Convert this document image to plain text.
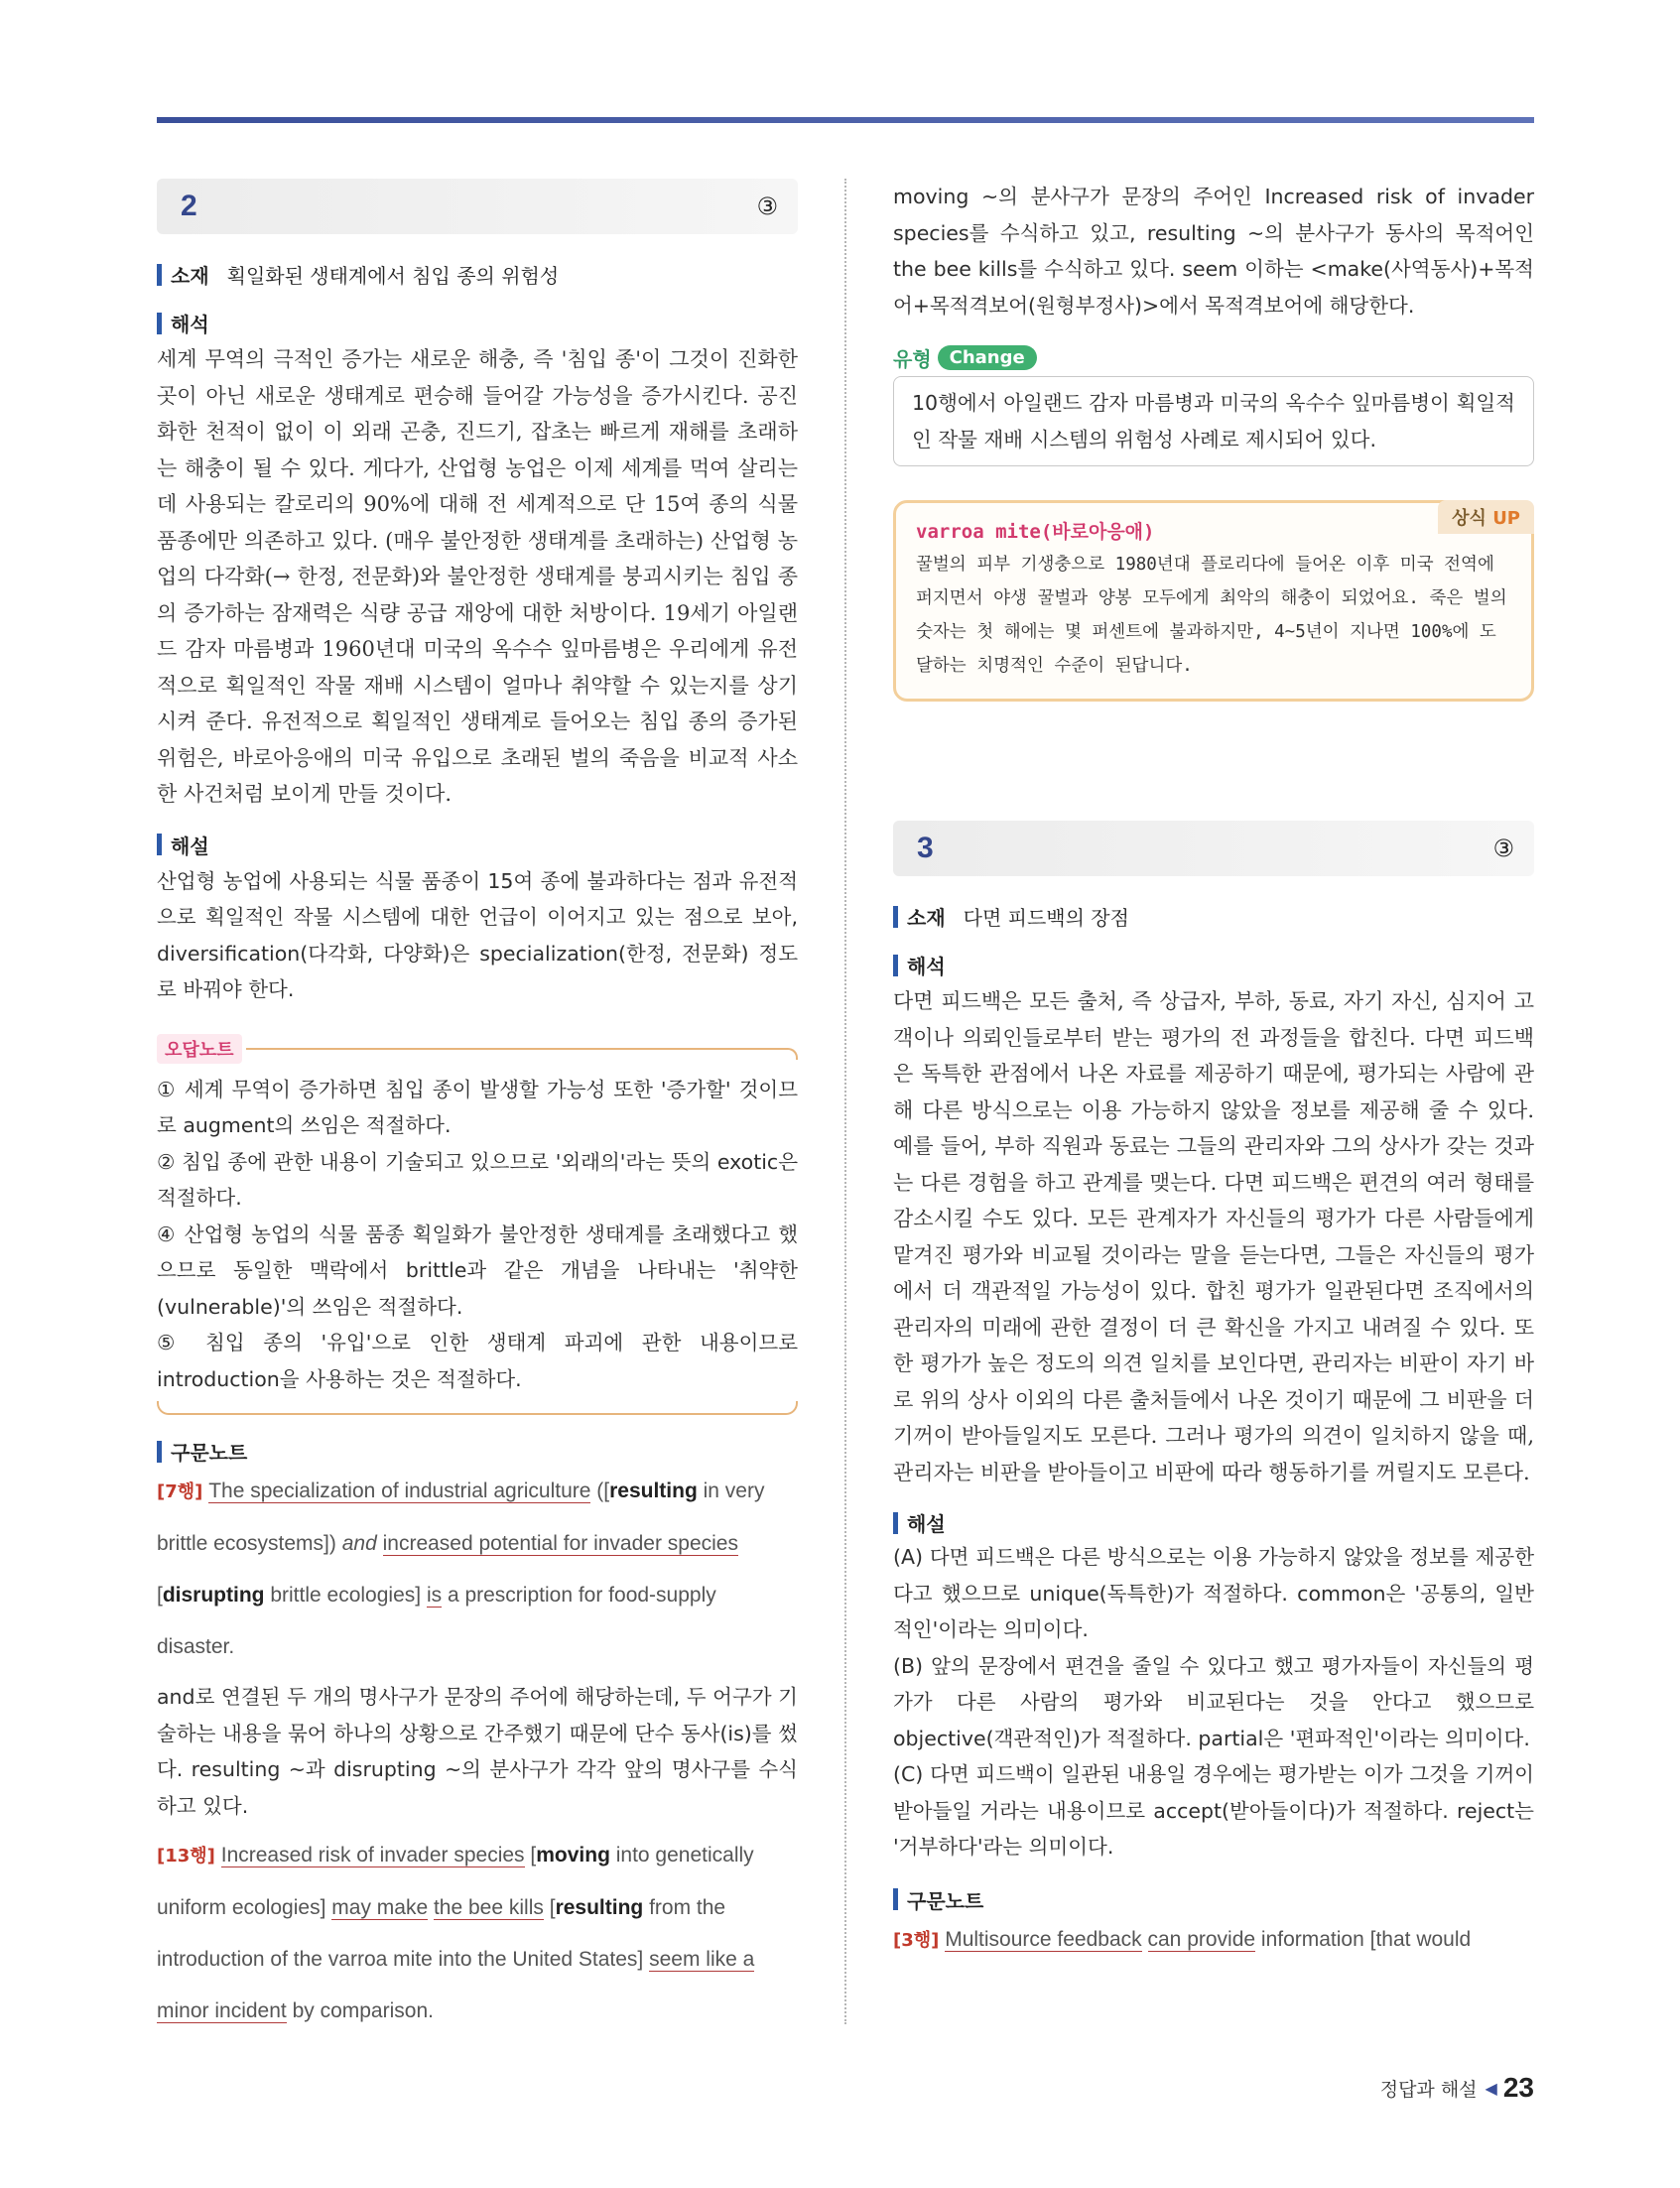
2	③
소재 획일화된 생태계에서 침입 종의 위험성
해석

세계 무역의 극적인 증가는 새로운 해충, 즉 '침입 종'이 그것이 진화한 곳이 아닌 새로운 생태계로 편승해 들어갈 가능성을 증가시킨다. 공진화한 천적이 없이 이 외래 곤충, 진드기, 잡초는 빠르게 재해를 초래하는 해충이 될 수 있다. 게다가, 산업형 농업은 이제 세계를 먹여 살리는 데 사용되는 칼로리의 90%에 대해 전 세계적으로 단 15여 종의 식물 품종에만 의존하고 있다. (매우 불안정한 생태계를 초래하는) 산업형 농업의 다각화(→ 한정, 전문화)와 불안정한 생태계를 붕괴시키는 침입 종의 증가하는 잠재력은 식량 공급 재앙에 대한 처방이다. 19세기 아일랜드 감자 마름병과 1960년대 미국의 옥수수 잎마름병은 우리에게 유전적으로 획일적인 작물 재배 시스템이 얼마나 취약할 수 있는지를 상기시켜 준다. 유전적으로 획일적인 생태계로 들어오는 침입 종의 증가된 위험은, 바로아응애의 미국 유입으로 초래된 벌의 죽음을 비교적 사소한 사건처럼 보이게 만들 것이다.

해설

산업형 농업에 사용되는 식물 품종이 15여 종에 불과하다는 점과 유전적으로 획일적인 작물 시스템에 대한 언급이 이어지고 있는 점으로 보아, diversification(다각화, 다양화)은 specialization(한정, 전문화) 정도로 바꿔야 한다.

오답노트

① 세계 무역이 증가하면 침입 종이 발생할 가능성 또한 '증가할' 것이므로 augment의 쓰임은 적절하다.

② 침입 종에 관한 내용이 기술되고 있으므로 '외래의'라는 뜻의 exotic은 적절하다.

④ 산업형 농업의 식물 품종 획일화가 불안정한 생태계를 초래했다고 했으므로 동일한 맥락에서 brittle과 같은 개념을 나타내는 '취약한(vulnerable)'의 쓰임은 적절하다.

⑤ 침입 종의 '유입'으로 인한 생태계 파괴에 관한 내용이므로 introduction을 사용하는 것은 적절하다.

구문노트
[7행] The specialization of industrial agriculture ([resulting in very brittle ecosystems]) and increased potential for invader species [disrupting brittle ecologies] is a prescription for food-supply disaster.

and로 연결된 두 개의 명사구가 문장의 주어에 해당하는데, 두 어구가 기술하는 내용을 묶어 하나의 상황으로 간주했기 때문에 단수 동사(is)를 썼다. resulting ~과 disrupting ~의 분사구가 각각 앞의 명사구를 수식하고 있다.

[13행] Increased risk of invader species [moving into genetically uniform ecologies] may make the bee kills [resulting from the introduction of the varroa mite into the United States] seem like a minor incident by comparison.

moving ~의 분사구가 문장의 주어인 Increased risk of invader species를 수식하고 있고, resulting ~의 분사구가 동사의 목적어인 the bee kills를 수식하고 있다. seem 이하는 <make(사역동사)+목적어+목적격보어(원형부정사)>에서 목적격보어에 해당한다.

유형	Change

10행에서 아일랜드 감자 마름병과 미국의 옥수수 잎마름병이 획일적인 작물 재배 시스템의 위험성 사례로 제시되어 있다.

상식 UP
varroa mite(바로아응애)
꿀벌의 피부 기생충으로 1980년대 플로리다에 들어온 이후 미국 전역에 퍼지면서 야생 꿀벌과 양봉 모두에게 최악의 해충이 되었어요. 죽은 벌의 숫자는 첫 해에는 몇 퍼센트에 불과하지만, 4~5년이 지나면 100%에 도달하는 치명적인 수준이 된답니다.
3	③
소재 다면 피드백의 장점
해석

다면 피드백은 모든 출처, 즉 상급자, 부하, 동료, 자기 자신, 심지어 고객이나 의뢰인들로부터 받는 평가의 전 과정들을 합친다. 다면 피드백은 독특한 관점에서 나온 자료를 제공하기 때문에, 평가되는 사람에 관해 다른 방식으로는 이용 가능하지 않았을 정보를 제공해 줄 수 있다. 예를 들어, 부하 직원과 동료는 그들의 관리자와 그의 상사가 갖는 것과는 다른 경험을 하고 관계를 맺는다. 다면 피드백은 편견의 여러 형태를 감소시킬 수도 있다. 모든 관계자가 자신들의 평가가 다른 사람들에게 맡겨진 평가와 비교될 것이라는 말을 듣는다면, 그들은 자신들의 평가에서 더 객관적일 가능성이 있다. 합친 평가가 일관된다면 조직에서의 관리자의 미래에 관한 결정이 더 큰 확신을 가지고 내려질 수 있다. 또한 평가가 높은 정도의 의견 일치를 보인다면, 관리자는 비판이 자기 바로 위의 상사 이외의 다른 출처들에서 나온 것이기 때문에 그 비판을 더 기꺼이 받아들일지도 모른다. 그러나 평가의 의견이 일치하지 않을 때, 관리자는 비판을 받아들이고 비판에 따라 행동하기를 꺼릴지도 모른다.

해설

(A) 다면 피드백은 다른 방식으로는 이용 가능하지 않았을 정보를 제공한다고 했으므로 unique(독특한)가 적절하다. common은 '공통의, 일반적인'이라는 의미이다.

(B) 앞의 문장에서 편견을 줄일 수 있다고 했고 평가자들이 자신들의 평가가 다른 사람의 평가와 비교된다는 것을 안다고 했으므로 objective(객관적인)가 적절하다. partial은 '편파적인'이라는 의미이다.

(C) 다면 피드백이 일관된 내용일 경우에는 평가받는 이가 그것을 기꺼이 받아들일 거라는 내용이므로 accept(받아들이다)가 적절하다. reject는 '거부하다'라는 의미이다.

구문노트
[3행] Multisource feedback can provide information [that would
정답과 해설 ◀ 23
